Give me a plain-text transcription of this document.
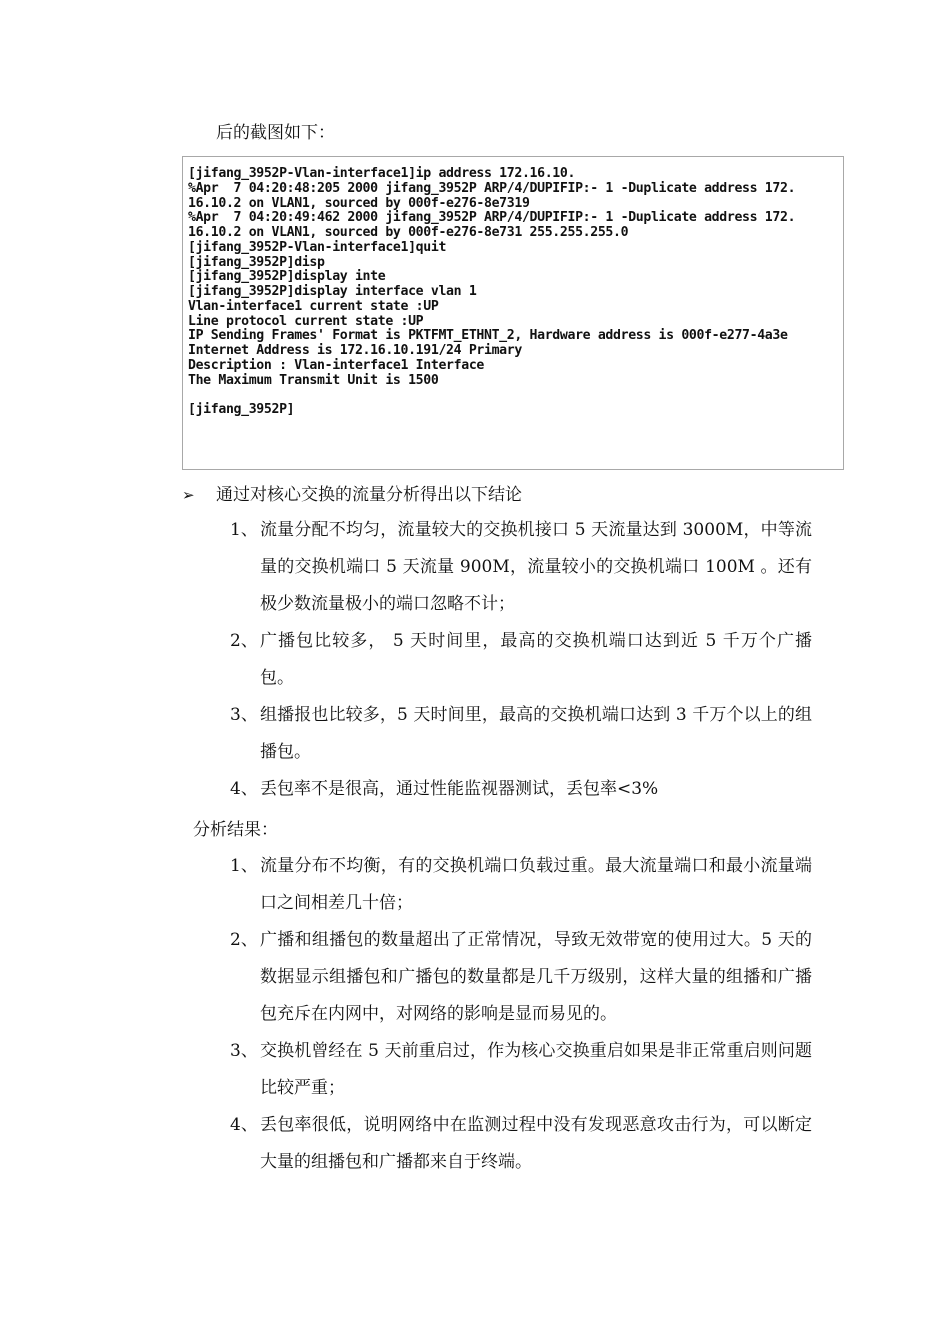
后的截图如下：
[jifang_3952P-Vlan-interface1]ip address 172.16.10.
%Apr  7 04:20:48:205 2000 jifang_3952P ARP/4/DUPIFIP:- 1 -Duplicate address 172.
16.10.2 on VLAN1, sourced by 000f-e276-8e7319
%Apr  7 04:20:49:462 2000 jifang_3952P ARP/4/DUPIFIP:- 1 -Duplicate address 172.
16.10.2 on VLAN1, sourced by 000f-e276-8e731 255.255.255.0
[jifang_3952P-Vlan-interface1]quit
[jifang_3952P]disp
[jifang_3952P]display inte
[jifang_3952P]display interface vlan 1
Vlan-interface1 current state :UP
Line protocol current state :UP
IP Sending Frames' Format is PKTFMT_ETHNT_2, Hardware address is 000f-e277-4a3e
Internet Address is 172.16.10.191/24 Primary
Description : Vlan-interface1 Interface
The Maximum Transmit Unit is 1500
[jifang_3952P]
➢ 通过对核心交换的流量分析得出以下结论
1、 流量分配不均匀，流量较大的交换机接口 5 天流量达到 3000M，中等流量的交换机端口 5 天流量 900M，流量较小的交换机端口 100M 。还有极少数流量极小的端口忽略不计；
2、 广播包比较多， 5 天时间里，最高的交换机端口达到近 5 千万个广播包。
3、 组播报也比较多，5 天时间里，最高的交换机端口达到 3 千万个以上的组播包。
4、 丢包率不是很高，通过性能监视器测试，丢包率<3%
分析结果：
1、 流量分布不均衡，有的交换机端口负载过重。最大流量端口和最小流量端口之间相差几十倍；
2、 广播和组播包的数量超出了正常情况，导致无效带宽的使用过大。5 天的数据显示组播包和广播包的数量都是几千万级别，这样大量的组播和广播包充斥在内网中，对网络的影响是显而易见的。
3、 交换机曾经在 5 天前重启过，作为核心交换重启如果是非正常重启则问题比较严重；
4、 丢包率很低，说明网络中在监测过程中没有发现恶意攻击行为，可以断定大量的组播包和广播都来自于终端。
